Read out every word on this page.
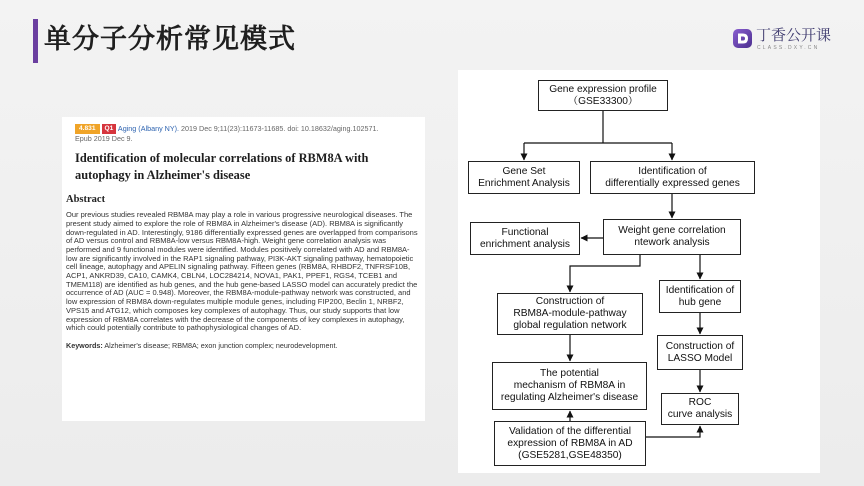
单分子分析常见模式	丁香公开课
CLASS.DXY.CN
4.831 Q1 Aging (Albany NY). 2019 Dec 9;11(23):11673-11685. doi: 10.18632/aging.102571.
Epub 2019 Dec 9.
Identification of molecular correlations of RBM8A with autophagy in Alzheimer's disease
Abstract
Our previous studies revealed RBM8A may play a role in various progressive neurological diseases. The present study aimed to explore the role of RBM8A in Alzheimer's disease (AD). RBM8A is significantly down-regulated in AD. Interestingly, 9186 differentially expressed genes are overlapped from comparisons of AD versus control and RBM8A-low versus RBM8A-high. Weight gene correlation analysis was performed and 9 functional modules were identified. Modules positively correlated with AD and RBM8A-low are significantly involved in the RAP1 signaling pathway, PI3K-AKT signaling pathway, hematopoietic cell lineage, autophagy and APELIN signaling pathway. Fifteen genes (RBM8A, RHBDF2, TNFRSF10B, ACP1, ANKRD39, CA10, CAMK4, CBLN4, LOC284214, NOVA1, PAK1, PPEF1, RGS4, TCEB1 and TMEM118) are identified as hub genes, and the hub gene-based LASSO model can accurately predict the occurrence of AD (AUC = 0.948). Moreover, the RBM8A-module-pathway network was constructed, and low expression of RBM8A down-regulates multiple module genes, including FIP200, Beclin 1, NRBF2, VPS15 and ATG12, which composes key complexes of autophagy. Thus, our study supports that low expression of RBM8A correlates with the decrease of the components of key complexes in autophagy, which could potentially contribute to pathophysiological changes of AD.
Keywords: Alzheimer's disease; RBM8A; exon junction complex; neurodevelopment.
Gene expression profile
（GSE33300）
Gene Set
Enrichment Analysis
Identification of
differentially expressed genes
Functional
enrichment analysis
Weight gene correlation
ntework analysis
Identification of
hub gene
Construction of
RBM8A-module-pathway
global regulation network
Construction of
LASSO Model
The potential
mechanism of RBM8A in
regulating Alzheimer's disease	ROC
curve analysis
Validation of the differential
expression of RBM8A in AD
(GSE5281,GSE48350)
